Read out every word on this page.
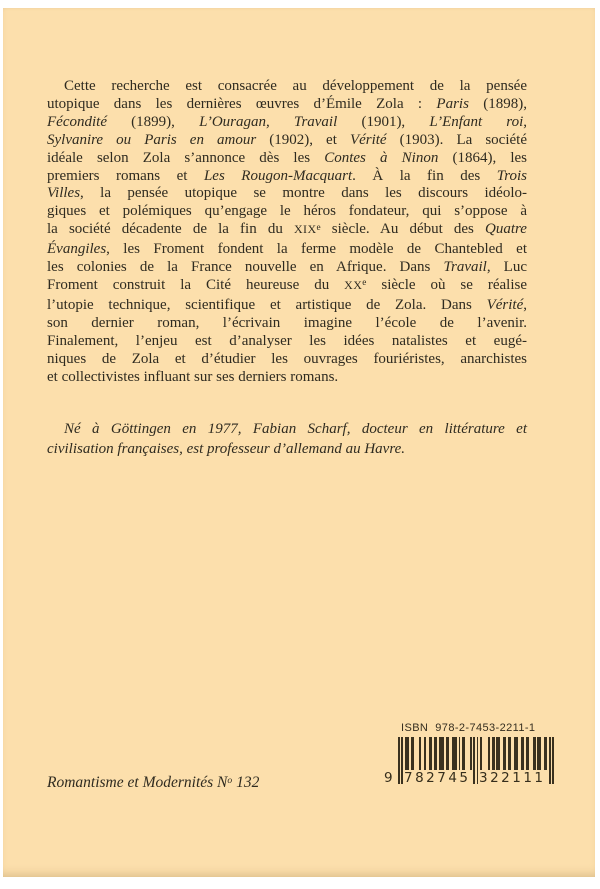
Cette recherche est consacrée au développement de la pensée
utopique dans les dernières œuvres d’Émile Zola : Paris (1898),
Fécondité (1899), L’Ouragan, Travail (1901), L’Enfant roi,
Sylvanire ou Paris en amour (1902), et Vérité (1903). La société
idéale selon Zola s’annonce dès les Contes à Ninon (1864), les
premiers romans et Les Rougon-Macquart. À la fin des Trois
Villes, la pensée utopique se montre dans les discours idéolo-
giques et polémiques qu’engage le héros fondateur, qui s’oppose à
la société décadente de la fin du XIXe siècle. Au début des Quatre
Évangiles, les Froment fondent la ferme modèle de Chantebled et
les colonies de la France nouvelle en Afrique. Dans Travail, Luc
Froment construit la Cité heureuse du XXe siècle où se réalise
l’utopie technique, scientifique et artistique de Zola. Dans Vérité,
son dernier roman, l’écrivain imagine l’école de l’avenir.
Finalement, l’enjeu est d’analyser les idées natalistes et eugé-
niques de Zola et d’étudier les ouvrages fouriéristes, anarchistes
et collectivistes influant sur ses derniers romans.
Né à Göttingen en 1977, Fabian Scharf, docteur en littérature et
civilisation françaises, est professeur d’allemand au Havre.
Romantisme et Modernités $N^o$ 132
ISBN 978-2-7453-2211-1
9 7 8 2 7 4 5 3 2 2 1 1 1
